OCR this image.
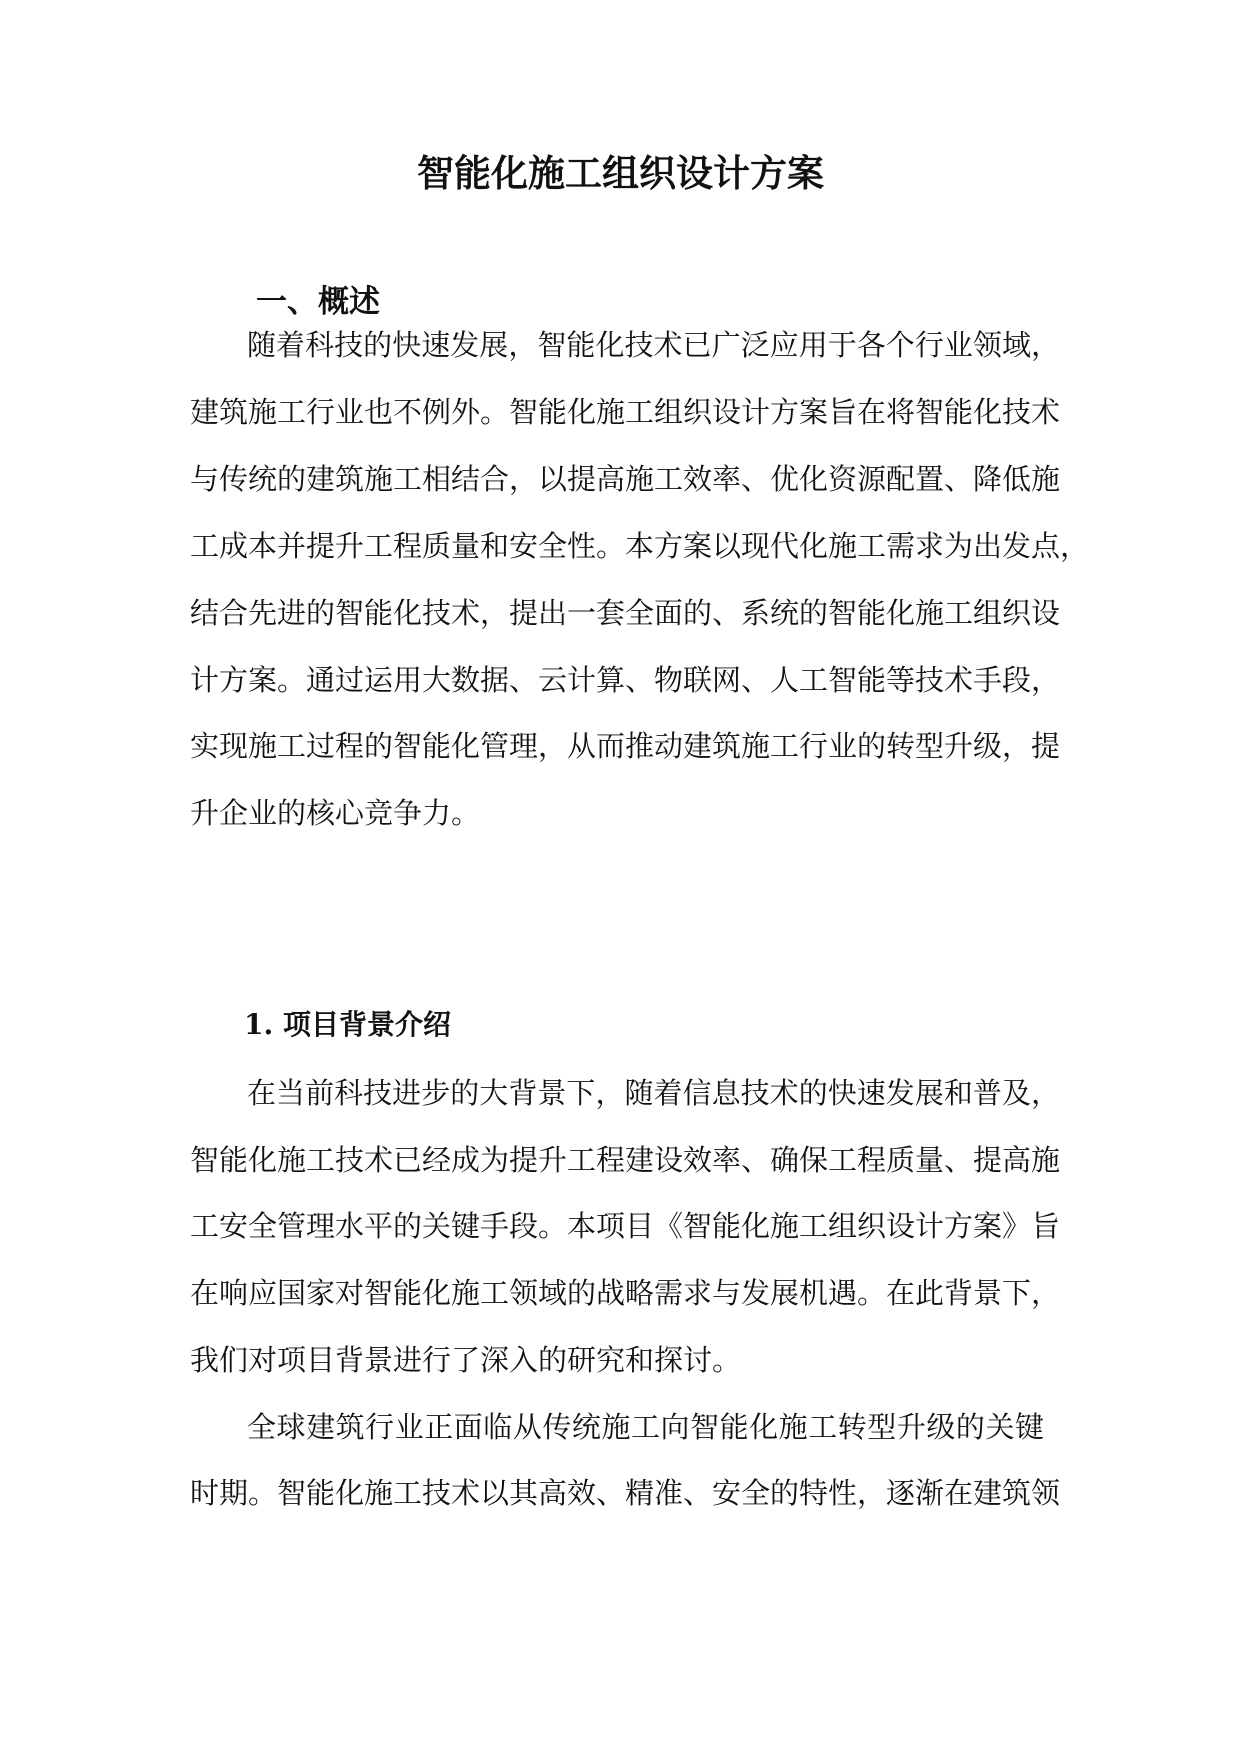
智能化施工组织设计方案
一、概述
随着科技的快速发展，智能化技术已广泛应用于各个行业领域，
建筑施工行业也不例外。智能化施工组织设计方案旨在将智能化技术
与传统的建筑施工相结合，以提高施工效率、优化资源配置、降低施
工成本并提升工程质量和安全性。本方案以现代化施工需求为出发点，
结合先进的智能化技术，提出一套全面的、系统的智能化施工组织设
计方案。通过运用大数据、云计算、物联网、人工智能等技术手段，
实现施工过程的智能化管理，从而推动建筑施工行业的转型升级，提
升企业的核心竞争力。
1. 项目背景介绍
在当前科技进步的大背景下，随着信息技术的快速发展和普及，
智能化施工技术已经成为提升工程建设效率、确保工程质量、提高施
工安全管理水平的关键手段。本项目《智能化施工组织设计方案》旨
在响应国家对智能化施工领域的战略需求与发展机遇。在此背景下，
我们对项目背景进行了深入的研究和探讨。
全球建筑行业正面临从传统施工向智能化施工转型升级的关键
时期。智能化施工技术以其高效、精准、安全的特性，逐渐在建筑领
